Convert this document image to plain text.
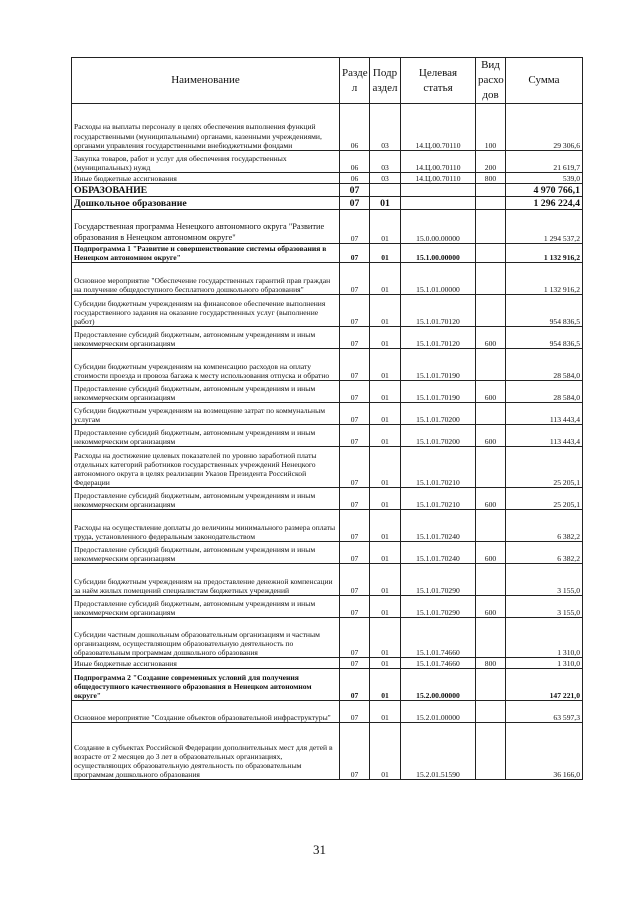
Наименование	Разде л	Подр аздел	Целевая статья	Вид расхо дов	Сумма
Расходы на выплаты персоналу в целях обеспечения выполнения функций государственными (муниципальными) органами, казенными учреждениями, органами управления государственными внебюджетными фондами	06	03	14.Ц.00.70110	100	29 306,6
Закупка товаров, работ и услуг для обеспечения государственных (муниципальных) нужд	06	03	14.Ц.00.70110	200	21 619,7
Иные бюджетные ассигнования	06	03	14.Ц.00.70110	800	539,0
ОБРАЗОВАНИЕ	07				4 970 766,1
Дошкольное образование	07	01			1 296 224,4
Государственная программа Ненецкого автономного округа "Развитие образования в Ненецком автономном округе"	07	01	15.0.00.00000		1 294 537,2
Подпрограмма 1 "Развитие и совершенствование системы образования в Ненецком автономном округе"	07	01	15.1.00.00000		1 132 916,2
Основное мероприятие "Обеспечение государственных гарантий прав граждан на получение общедоступного бесплатного дошкольного образования"	07	01	15.1.01.00000		1 132 916,2
Субсидии бюджетным учреждениям на финансовое обеспечение выполнения государственного задания на оказание государственных услуг (выполнение работ)	07	01	15.1.01.70120		954 836,5
Предоставление субсидий бюджетным, автономным учреждениям и иным некоммерческим организациям	07	01	15.1.01.70120	600	954 836,5
Субсидии бюджетным учреждениям на компенсацию расходов на оплату стоимости проезда и провоза багажа к месту использования отпуска и обратно	07	01	15.1.01.70190		28 584,0
Предоставление субсидий бюджетным, автономным учреждениям и иным некоммерческим организациям	07	01	15.1.01.70190	600	28 584,0
Субсидии бюджетным учреждениям на возмещение затрат по коммунальным услугам	07	01	15.1.01.70200		113 443,4
Предоставление субсидий бюджетным, автономным учреждениям и иным некоммерческим организациям	07	01	15.1.01.70200	600	113 443,4
Расходы на достижение целевых показателей по уровню заработной платы отдельных категорий работников государственных учреждений Ненецкого автономного округа в целях реализации Указов Президента Российской Федерации	07	01	15.1.01.70210		25 205,1
Предоставление субсидий бюджетным, автономным учреждениям и иным некоммерческим организациям	07	01	15.1.01.70210	600	25 205,1
Расходы на осуществление доплаты до величины минимального размера оплаты труда, установленного федеральным законодательством	07	01	15.1.01.70240		6 382,2
Предоставление субсидий бюджетным, автономным учреждениям и иным некоммерческим организациям	07	01	15.1.01.70240	600	6 382,2
Субсидии бюджетным учреждениям на предоставление денежной компенсации за наём жилых помещений специалистам бюджетных учреждений	07	01	15.1.01.70290		3 155,0
Предоставление субсидий бюджетным, автономным учреждениям и иным некоммерческим организациям	07	01	15.1.01.70290	600	3 155,0
Субсидии частным дошкольным образовательным организациям и частным организациям, осуществляющим образовательную деятельность по образовательным программам дошкольного образования	07	01	15.1.01.74660		1 310,0
Иные бюджетные ассигнования	07	01	15.1.01.74660	800	1 310,0
Подпрограмма 2 "Создание современных условий для получения общедоступного качественного образования в Ненецком автономном округе"	07	01	15.2.00.00000		147 221,0
Основное мероприятие "Создание объектов образовательной инфраструктуры"	07	01	15.2.01.00000		63 597,3
Создание в субъектах Российской Федерации дополнительных мест для детей в возрасте от 2 месяцев до 3 лет в образовательных организациях, осуществляющих образовательную деятельность по образовательным программам дошкольного образования	07	01	15.2.01.51590		36 166,0
31
